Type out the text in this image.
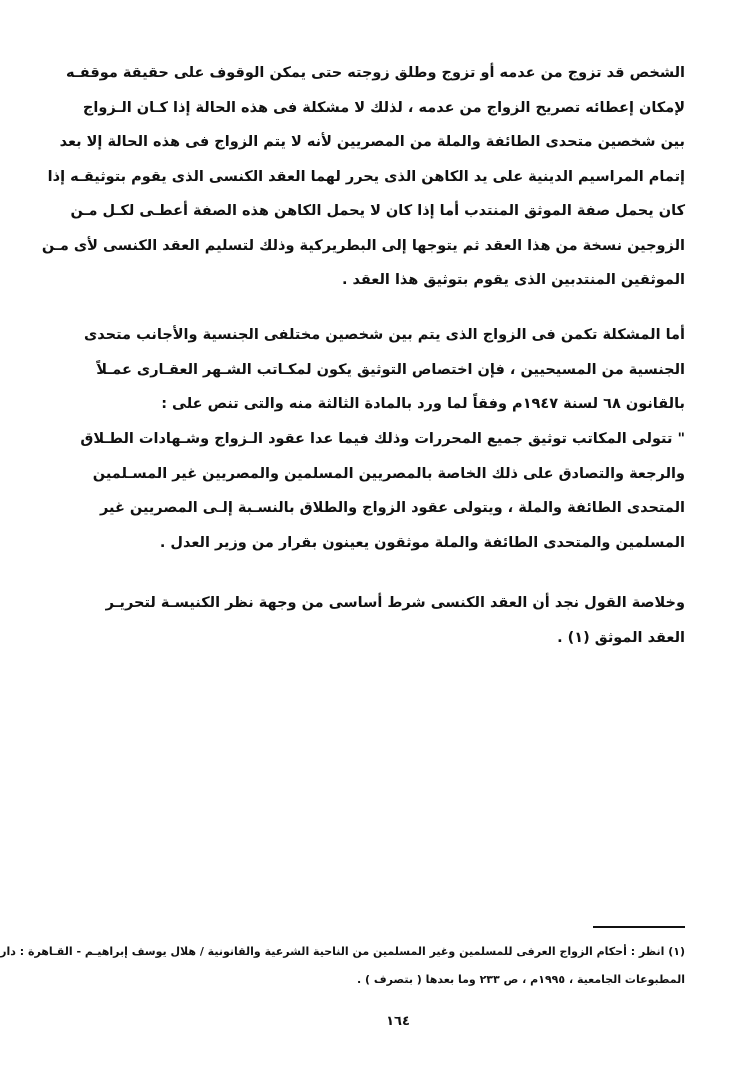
الشخص قد تزوج من عدمه أو تزوج وطلق زوجته حتى يمكن الوقوف على حقيقة موقفـه
لإمكان إعطائه تصريح الزواج من عدمه ، لذلك لا مشكلة فى هذه الحالة إذا كـان الـزواج
بين شخصين متحدى الطائفة والملة من المصريين لأنه لا يتم الزواج فى هذه الحالة إلا بعد
إتمام المراسيم الدينية على يد الكاهن الذى يحرر لهما العقد الكنسى الذى يقوم بتوثيقـه إذا
كان يحمل صفة الموثق المنتدب أما إذا كان لا يحمل الكاهن هذه الصفة أعطـى لكـل مـن
الزوجين نسخة من هذا العقد ثم يتوجها إلى البطريركية وذلك لتسليم العقد الكنسى لأى مـن
الموثقين المنتدبين الذى يقوم بتوثيق هذا العقد .
أما المشكلة تكمن فى الزواج الذى يتم بين شخصين مختلفى الجنسية والأجانب متحدى
الجنسية من المسيحيين ، فإن اختصاص التوثيق يكون لمكـاتب الشـهر العقـارى عمـلاً
بالقانون ٦٨ لسنة ١٩٤٧م وفقاً لما ورد بالمادة الثالثة منه والتى تنص على :
" تتولى المكاتب توثيق جميع المحررات وذلك فيما عدا عقود الـزواج وشـهادات الطـلاق
والرجعة والتصادق على ذلك الخاصة بالمصريين المسلمين والمصريين غير المسـلمين
المتحدى الطائفة والملة ، ويتولى عقود الزواج والطلاق بالنسـبة إلـى المصريين غير
المسلمين والمتحدى الطائفة والملة موثقون يعينون بقرار من وزير العدل .
وخلاصة القول نجد أن العقد الكنسى شرط أساسى من وجهة نظر الكنيسـة لتحريـر
العقد الموثق (١) .
(١) انظر : أحكام الزواج العرفى للمسلمين وغير المسلمين من الناحية الشرعية والقانونية / هلال يوسف إبراهيـم - القـاهرة : دار
المطبوعات الجامعية ، ١٩٩٥م ، ص ٢٣٣ وما بعدها ( بتصرف ) .
١٦٤
